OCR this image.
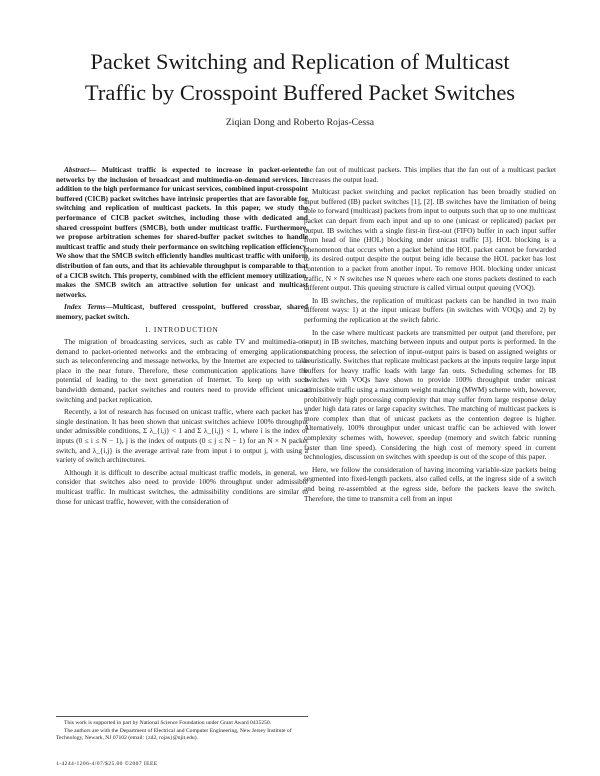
Packet Switching and Replication of Multicast
Traffic by Crosspoint Buffered Packet Switches
Ziqian Dong and Roberto Rojas-Cessa

Abstract— Multicast traffic is expected to increase in packet-oriented networks by the inclusion of broadcast and multimedia-on-demand services. In addition to the high performance for unicast services, combined input-crosspoint buffered (CICB) packet switches have intrinsic properties that are favorable for switching and replication of multicast packets. In this paper, we study the performance of CICB packet switches, including those with dedicated and shared crosspoint buffers (SMCB), both under multicast traffic. Furthermore, we propose arbitration schemes for shared-buffer packet switches to handle multicast traffic and study their performance on switching replication efficiency. We show that the SMCB switch efficiently handles multicast traffic with uniform distribution of fan outs, and that its achievable throughput is comparable to that of a CICB switch. This property, combined with the efficient memory utilization, makes the SMCB switch an attractive solution for unicast and multicast networks.

Index Terms—Multicast, buffered crosspoint, buffered crossbar, shared memory, packet switch.

I. INTRODUCTION

The migration of broadcasting services, such as cable TV and multimedia-on-demand to packet-oriented networks and the embracing of emerging applications, such as teleconferencing and message networks, by the Internet are expected to take place in the near future. Therefore, these communication applications have the potential of leading to the next generation of Internet. To keep up with such bandwidth demand, packet switches and routers need to provide efficient unicast switching and packet replication.

Recently, a lot of research has focused on unicast traffic, where each packet has a single destination. It has been shown that unicast switches achieve 100% throughput under admissible conditions, Σ λ_{i,j} < 1 and Σ λ_{i,j} < 1, where i is the index of inputs (0 ≤ i ≤ N − 1), j is the index of outputs (0 ≤ j ≤ N − 1) for an N × N packet switch, and λ_{i,j} is the average arrival rate from input i to output j, with using a variety of switch architectures.

Although it is difficult to describe actual multicast traffic models, in general, we consider that switches also need to provide 100% throughput under admissible multicast traffic. In multicast switches, the admissibility conditions are similar to those for unicast traffic, however, with the consideration of

the fan out of multicast packets. This implies that the fan out of a multicast packet increases the output load.

Multicast packet switching and packet replication has been broadly studied on input buffered (IB) packet switches [1], [2]. IB switches have the limitation of being able to forward (multicast) packets from input to outputs such that up to one multicast packet can depart from each input and up to one (unicast or replicated) packet per output. IB switches with a single first-in first-out (FIFO) buffer in each input suffer from head of line (HOL) blocking under unicast traffic [3]. HOL blocking is a phenomenon that occurs when a packet behind the HOL packet cannot be forwarded to its desired output despite the output being idle because the HOL packet has lost contention to a packet from another input. To remove HOL blocking under unicast traffic, N × N switches use N queues where each one stores packets destined to each different output. This queuing structure is called virtual output queuing (VOQ).

In IB switches, the replication of multicast packets can be handled in two main different ways: 1) at the input unicast buffers (in switches with VOQs) and 2) by performing the replication at the switch fabric.

In the case where multicast packets are transmitted per output (and therefore, per input) in IB switches, matching between inputs and output ports is performed. In the matching process, the selection of input-output pairs is based on assigned weights or heuristically. Switches that replicate multicast packets at the inputs require large input buffers for heavy traffic loads with large fan outs. Scheduling schemes for IB switches with VOQs have shown to provide 100% throughput under unicast admissible traffic using a maximum weight matching (MWM) scheme with, however, prohibitively high processing complexity that may suffer from large response delay under high data rates or large capacity switches. The matching of multicast packets is more complex than that of unicast packets as the contention degree is higher. Alternatively, 100% throughput under unicast traffic can be achieved with lower complexity schemes with, however, speedup (memory and switch fabric running faster than line speed). Considering the high cost of memory speed in current technologies, discussion on switches with speedup is out of the scope of this paper.

Here, we follow the consideration of having incoming variable-size packets being segmented into fixed-length packets, also called cells, at the ingress side of a switch and being re-assembled at the egress side, before the packets leave the switch. Therefore, the time to transmit a cell from an input

This work is supported in part by National Science Foundation under Grant Award 0435250.

The authors are with the Department of Electrical and Computer Engineering, New Jersey Institute of Technology, Newark, NJ 07102 (email: {zd2, rojas}@njit.edu).

1-4244-1206-4/07/$25.00 ©2007 IEEE
